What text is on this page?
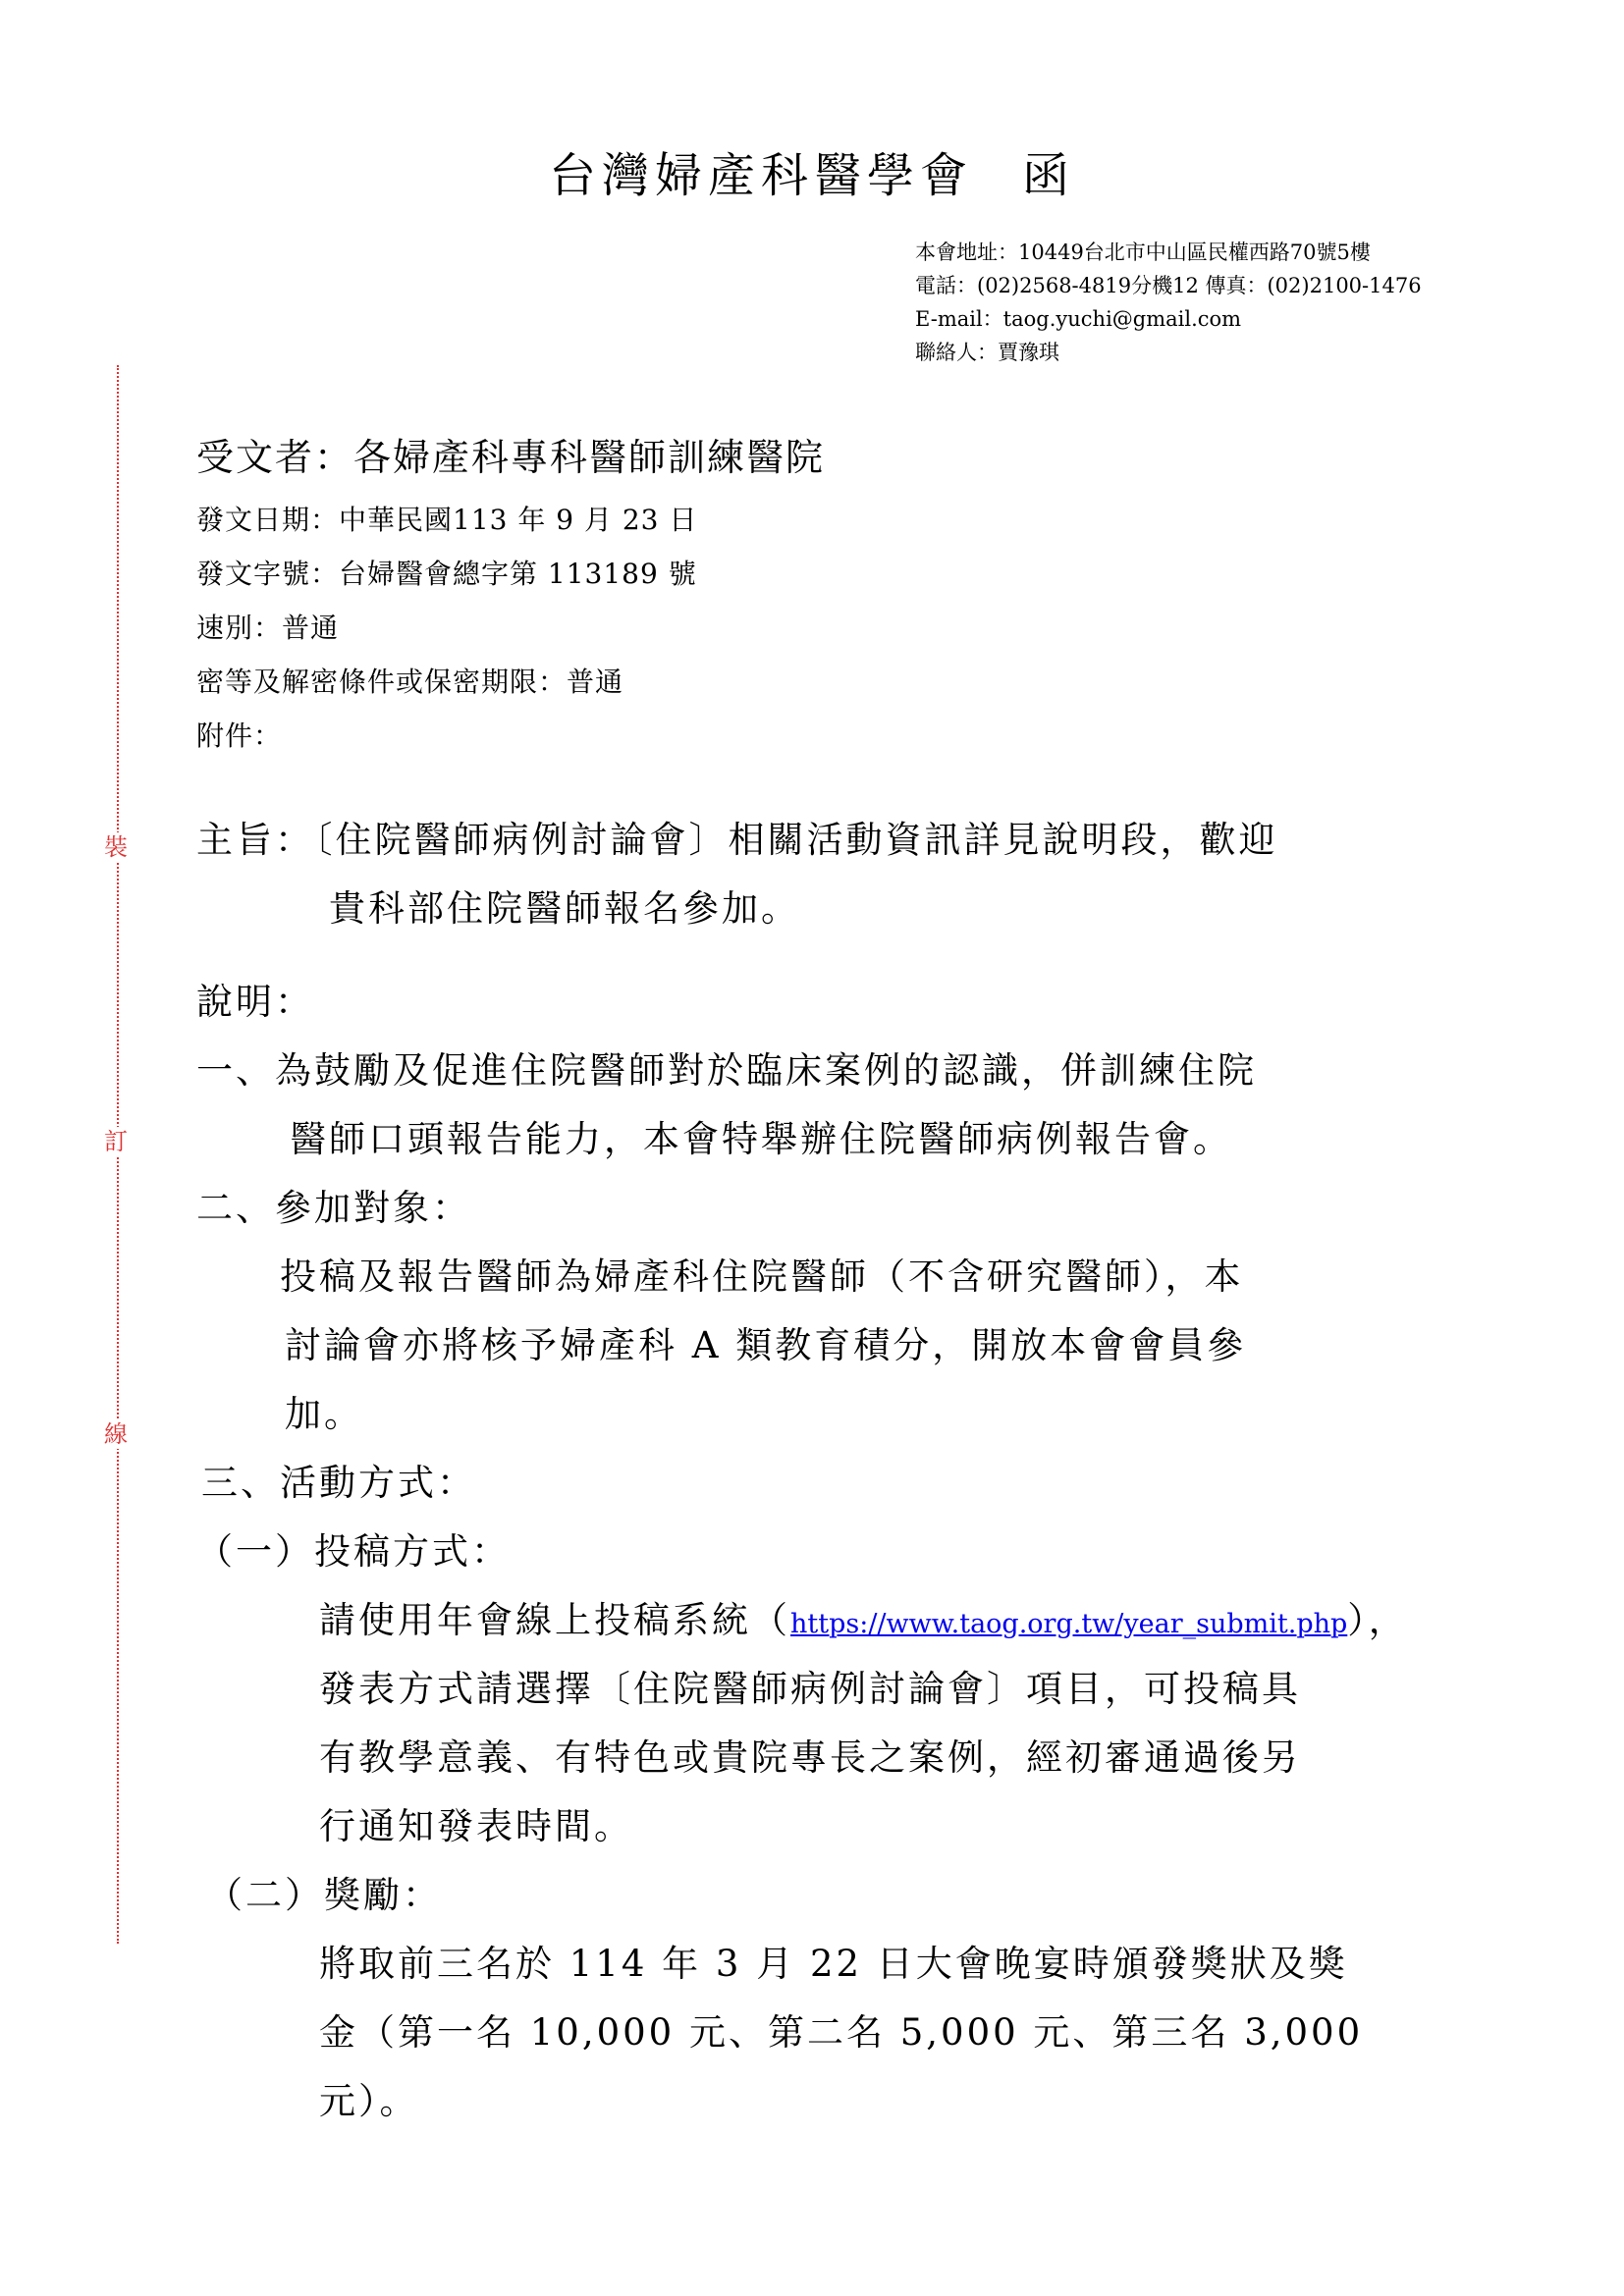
台灣婦產科醫學會 函
本會地址：10449台北市中山區民權西路70號5樓
電話：(02)2568-4819分機12 傳真：(02)2100-1476
E-mail：taog.yuchi@gmail.com
聯絡人：賈豫琪
裝
訂
線
受文者：各婦產科專科醫師訓練醫院
發文日期：中華民國113 年 9 月 23 日
發文字號：台婦醫會總字第 113189 號
速別：普通
密等及解密條件或保密期限：普通
附件：
主旨：〔住院醫師病例討論會〕相關活動資訊詳見說明段，歡迎
貴科部住院醫師報名參加。
說明：
一、為鼓勵及促進住院醫師對於臨床案例的認識，併訓練住院
醫師口頭報告能力，本會特舉辦住院醫師病例報告會。
二、參加對象：
投稿及報告醫師為婦產科住院醫師（不含研究醫師），本
討論會亦將核予婦產科 A 類教育積分，開放本會會員參
加。
三、活動方式：
（一）投稿方式：
請使用年會線上投稿系統（https://www.taog.org.tw/year_submit.php），
發表方式請選擇〔住院醫師病例討論會〕項目，可投稿具
有教學意義、有特色或貴院專長之案例，經初審通過後另
行通知發表時間。
（二）獎勵：
將取前三名於 114 年 3 月 22 日大會晚宴時頒發獎狀及獎
金（第一名 10,000 元、第二名 5,000 元、第三名 3,000
元）。
